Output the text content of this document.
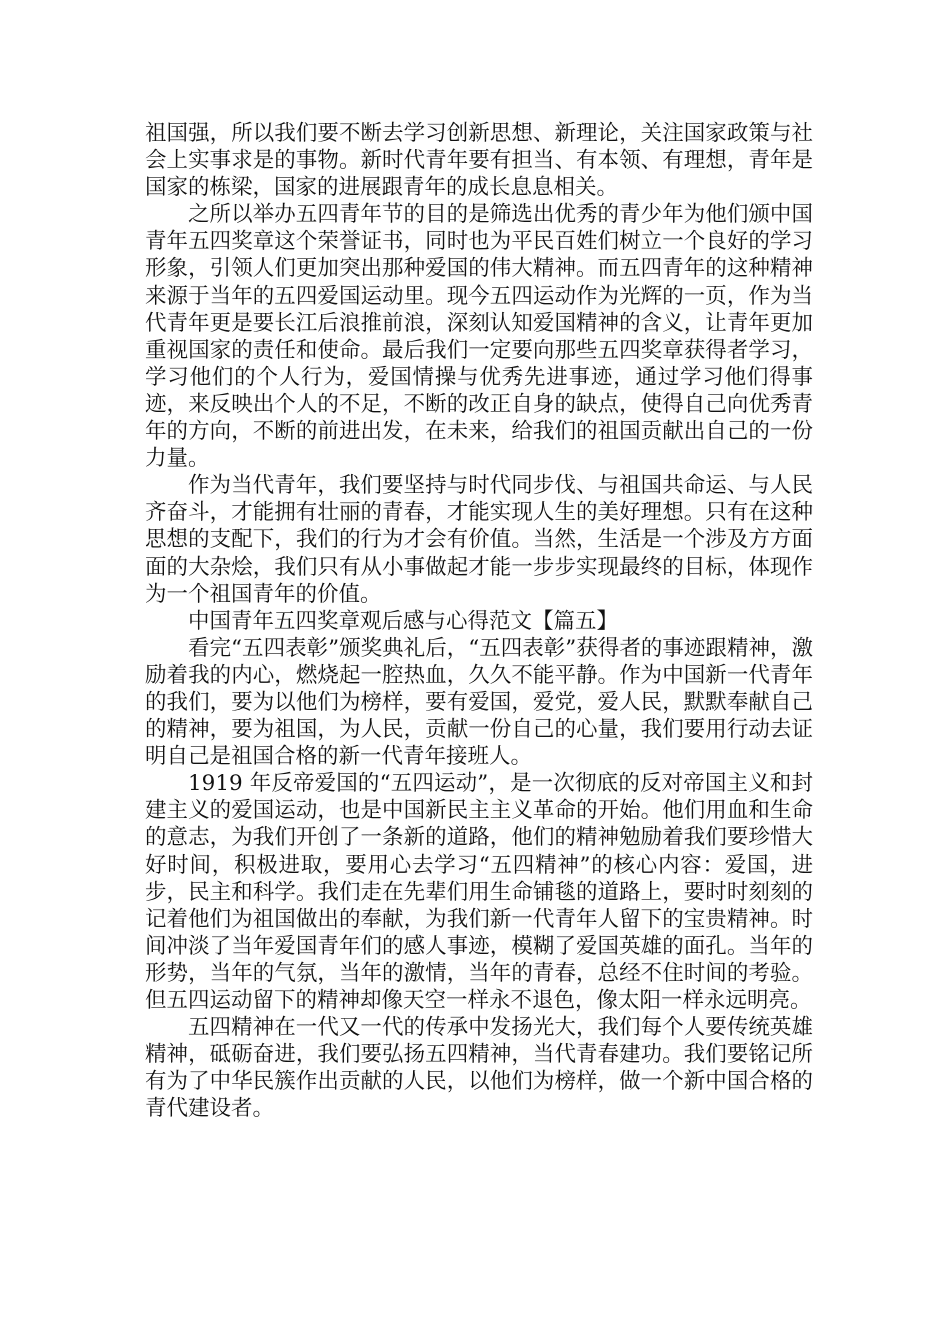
祖国强，所以我们要不断去学习创新思想、新理论，关注国家政策与社会上实事求是的事物。新时代青年要有担当、有本领、有理想，青年是国家的栋梁，国家的进展跟青年的成长息息相关。

之所以举办五四青年节的目的是筛选出优秀的青少年为他们颁中国青年五四奖章这个荣誉证书，同时也为平民百姓们树立一个良好的学习形象，引领人们更加突出那种爱国的伟大精神。而五四青年的这种精神来源于当年的五四爱国运动里。现今五四运动作为光辉的一页，作为当代青年更是要长江后浪推前浪，深刻认知爱国精神的含义，让青年更加重视国家的责任和使命。最后我们一定要向那些五四奖章获得者学习，学习他们的个人行为，爱国情操与优秀先进事迹，通过学习他们得事迹，来反映出个人的不足，不断的改正自身的缺点，使得自己向优秀青年的方向，不断的前进出发，在未来，给我们的祖国贡献出自己的一份力量。

作为当代青年，我们要坚持与时代同步伐、与祖国共命运、与人民齐奋斗，才能拥有壮丽的青春，才能实现人生的美好理想。只有在这种思想的支配下，我们的行为才会有价值。当然，生活是一个涉及方方面面的大杂烩，我们只有从小事做起才能一步步实现最终的目标，体现作为一个祖国青年的价值。

中国青年五四奖章观后感与心得范文【篇五】

看完“五四表彰”颁奖典礼后，“五四表彰”获得者的事迹跟精神，激励着我的内心，燃烧起一腔热血，久久不能平静。作为中国新一代青年的我们，要为以他们为榜样，要有爱国，爱党，爱人民，默默奉献自己的精神，要为祖国，为人民，贡献一份自己的心量，我们要用行动去证明自己是祖国合格的新一代青年接班人。

1919 年反帝爱国的“五四运动”，是一次彻底的反对帝国主义和封建主义的爱国运动，也是中国新民主主义革命的开始。他们用血和生命的意志，为我们开创了一条新的道路，他们的精神勉励着我们要珍惜大好时间，积极进取，要用心去学习“五四精神”的核心内容：爱国，进步，民主和科学。我们走在先辈们用生命铺毯的道路上，要时时刻刻的记着他们为祖国做出的奉献，为我们新一代青年人留下的宝贵精神。时间冲淡了当年爱国青年们的感人事迹，模糊了爱国英雄的面孔。当年的形势，当年的气氛，当年的激情，当年的青春，总经不住时间的考验。但五四运动留下的精神却像天空一样永不退色，像太阳一样永远明亮。

五四精神在一代又一代的传承中发扬光大，我们每个人要传统英雄精神，砥砺奋进，我们要弘扬五四精神，当代青春建功。我们要铭记所有为了中华民簇作出贡献的人民，以他们为榜样，做一个新中国合格的青代建设者。
